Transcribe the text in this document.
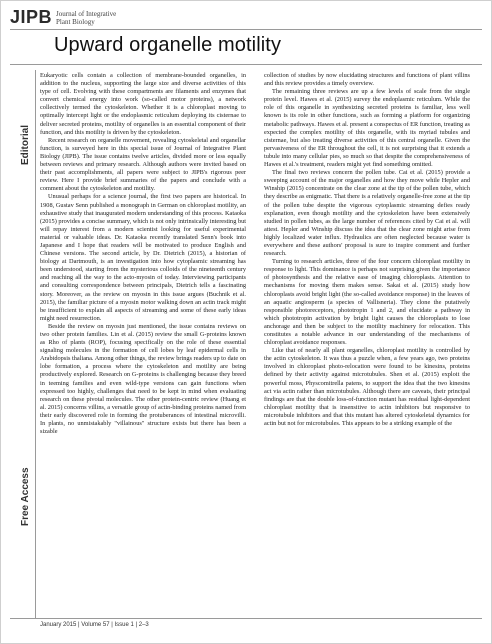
JIPB Journal of Integrative
Plant Biology
Upward organelle motility
Editorial
Free Access

Eukaryotic cells contain a collection of membrane-bounded organelles, in addition to the nucleus, supporting the large size and diverse activities of this type of cell. Evolving with these compartments are filaments and enzymes that convert chemical energy into work (so-called motor proteins), a network collectively termed the cytoskeleton. Whether it is a chloroplast moving to optimally intercept light or the endoplasmic reticulum deploying its cisternae to deliver secreted proteins, motility of organelles is an essential component of their function, and this motility is driven by the cytoskeleton.

Recent research on organelle movement, revealing cytoskeletal and organellar function, is surveyed here in this special issue of Journal of Integrative Plant Biology (JIPB). The issue contains twelve articles, divided more or less equally between reviews and primary research. Although authors were invited based on their past accomplishments, all papers were subject to JIPB's rigorous peer review. Here I provide brief summaries of the papers and conclude with a comment about the cytoskeleton and motility.

Unusual perhaps for a science journal, the first two papers are historical. In 1908, Gustav Senn published a monograph in German on chloroplast motility, an exhaustive study that inaugurated modern understanding of this process. Kataoka (2015) provides a concise summary, which is not only intrinsically interesting but will repay interest from a modern scientist looking for useful experimental material or valuable ideas. Dr. Kataoka recently translated Senn's book into Japanese and I hope that readers will be motivated to produce English and Chinese versions. The second article, by Dr. Dietrich (2015), a historian of biology at Dartmouth, is an investigation into how cytoplasmic streaming has been understood, starting from the mysterious colloids of the nineteenth century and reaching all the way to the acto-myosin of today. Interviewing participants and consulting correspondence between principals, Dietrich tells a fascinating story. Moreover, as the review on myosin in this issue argues (Buchnik et al. 2015), the familiar picture of a myosin motor walking down an actin track might be insufficient to explain all aspects of streaming and some of these early ideas might need resurrection.

Beside the review on myosin just mentioned, the issue contains reviews on two other protein families. Lin et al. (2015) review the small G-proteins known as Rho of plants (ROP), focusing specifically on the role of these essential signaling molecules in the formation of cell lobes by leaf epidermal cells in Arabidopsis thaliana. Among other things, the review brings readers up to date on lobe formation, a process where the cytoskeleton and motility are being productively explored. Research on G-proteins is challenging because they breed in teeming families and even wild-type versions can gain functions when expressed too highly, challenges that need to be kept in mind when evaluating research on these pivotal molecules. The other protein-centric review (Huang et al. 2015) concerns villins, a versatile group of actin-binding proteins named from their early discovered role in forming the protuberances of intestinal microvilli. In plants, no unmistakably "villainous" structure exists but there has been a sizable

collection of studies by now elucidating structures and functions of plant villins and this review provides a timely overview.

The remaining three reviews are up a few levels of scale from the single protein level. Hawes et al. (2015) survey the endoplasmic reticulum. While the role of this organelle in synthesizing secreted proteins is familiar, less well known is its role in other functions, such as forming a platform for organizing metabolic pathways. Hawes et al. present a conspectus of ER function, treating as expected the complex motility of this organelle, with its myriad tubules and cisternae, but also treating diverse activities of this central organelle. Given the pervasiveness of the ER throughout the cell, it is not surprising that it extends a tubule into many cellular pies, so much so that despite the comprehensiveness of Hawes et al.'s treatment, readers might yet find something omitted.

The final two reviews concern the pollen tube. Cai et al. (2015) provide a sweeping account of the major organelles and how they move while Hepler and Winship (2015) concentrate on the clear zone at the tip of the pollen tube, which they describe as enigmatic. That there is a relatively organelle-free zone at the tip of the pollen tube despite the vigorous cytoplasmic streaming defies ready explanation, even though motility and the cytoskeleton have been extensively studied in pollen tubes, as the large number of references cited by Cai et al. will attest. Hepler and Winship discuss the idea that the clear zone might arise from highly localized water influx. Hydraulics are often neglected because water is everywhere and these authors' proposal is sure to inspire comment and further research.

Turning to research articles, three of the four concern chloroplast motility in response to light. This dominance is perhaps not surprising given the importance of photosynthesis and the relative ease of imaging chloroplasts. Attention to mechanisms for moving them makes sense. Sakai et al. (2015) study how chloroplasts avoid bright light (the so-called avoidance response) in the leaves of an aquatic angiosperm (a species of Vallisneria). They clone the putatively responsible photoreceptors, phototropin 1 and 2, and elucidate a pathway in which phototropin activation by bright light causes the chloroplasts to lose anchorage and then be subject to the motility machinery for relocation. This constitutes a notable advance in our understanding of the mechanisms of chloroplast avoidance responses.

Like that of nearly all plant organelles, chloroplast motility is controlled by the actin cytoskeleton. It was thus a puzzle when, a few years ago, two proteins involved in chloroplast photo-relocation were found to be kinesins, proteins defined by their activity against microtubules. Shen et al. (2015) exploit the powerful moss, Physcomitrella patens, to support the idea that the two kinesins act via actin rather than microtubules. Although there are caveats, their principal findings are that the double loss-of-function mutant has residual light-dependent chloroplast motility that is insensitive to actin inhibitors but responsive to microtubule inhibitors and that this mutant has altered cytoskeletal dynamics for actin but not for microtubules. This appears to be a striking example of the

January 2015 | Volume 57 | Issue 1 | 2–3
